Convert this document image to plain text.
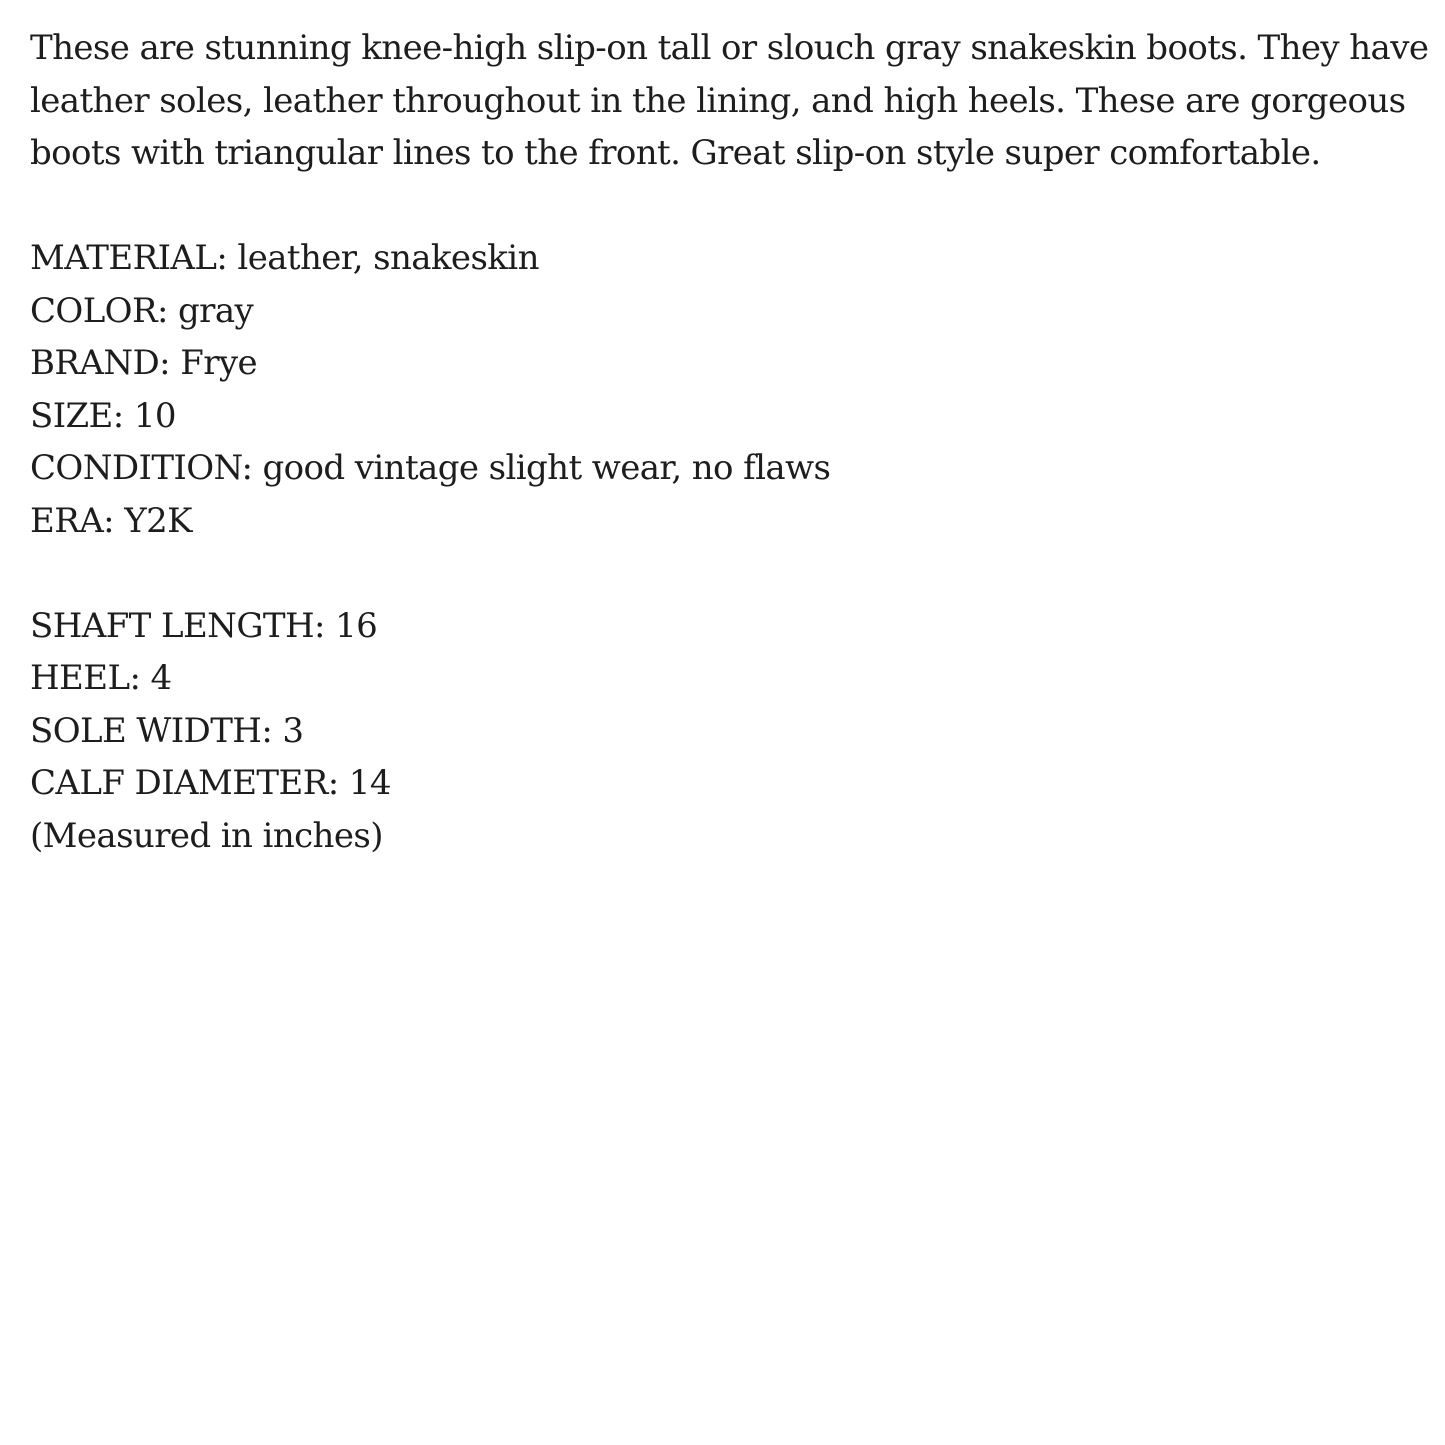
These are stunning knee-high slip-on tall or slouch gray snakeskin boots. They have
leather soles, leather throughout in the lining, and high heels. These are gorgeous
boots with triangular lines to the front. Great slip-on style super comfortable.

MATERIAL: leather, snakeskin
COLOR: gray
BRAND: Frye
SIZE: 10
CONDITION: good vintage slight wear, no flaws
ERA: Y2K
SHAFT LENGTH: 16
HEEL: 4
SOLE WIDTH: 3
CALF DIAMETER: 14
(Measured in inches)
